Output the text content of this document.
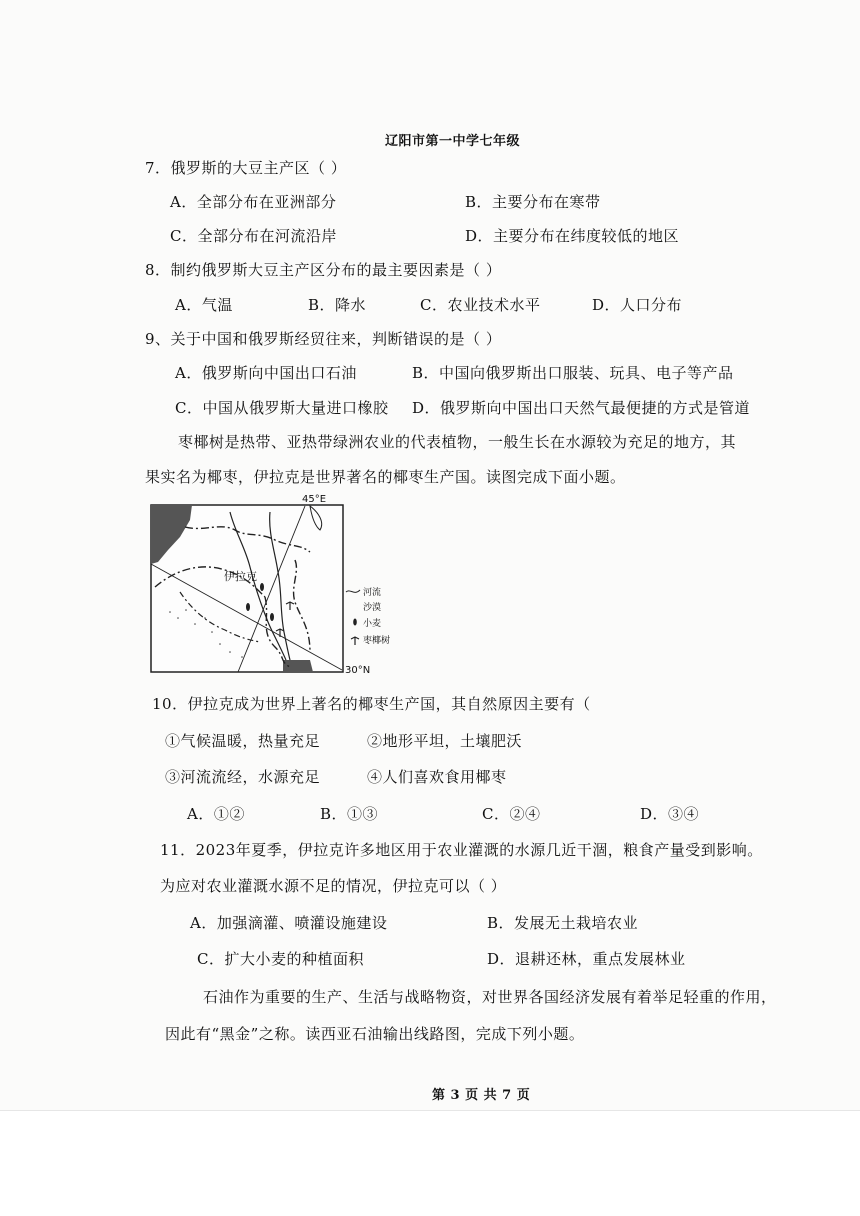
辽阳市第一中学七年级
7．俄罗斯的大豆主产区（ ）
A．全部分布在亚洲部分	B．主要分布在寒带
C．全部分布在河流沿岸	D．主要分布在纬度较低的地区
8．制约俄罗斯大豆主产区分布的最主要因素是（ ）
A．气温	B．降水	C．农业技术水平	D．人口分布
9、关于中国和俄罗斯经贸往来，判断错误的是（ ）
A．俄罗斯向中国出口石油	B．中国向俄罗斯出口服装、玩具、电子等产品
C．中国从俄罗斯大量进口橡胶 D．俄罗斯向中国出口天然气最便捷的方式是管道
枣椰树是热带、亚热带绿洲农业的代表植物，一般生长在水源较为充足的地方，其
果实名为椰枣，伊拉克是世界著名的椰枣生产国。读图完成下面小题。
45°E
伊拉克
30°N
河流
沙漠
小麦
枣椰树
10．伊拉克成为世界上著名的椰枣生产国，其自然原因主要有（
①气候温暖，热量充足	②地形平坦，土壤肥沃
③河流流经，水源充足	④人们喜欢食用椰枣
A．①②	B．①③	C．②④	D．③④
11．2023年夏季，伊拉克许多地区用于农业灌溉的水源几近干涸，粮食产量受到影响。
为应对农业灌溉水源不足的情况，伊拉克可以（ ）
A．加强滴灌、喷灌设施建设	B．发展无土栽培农业
C．扩大小麦的种植面积	D．退耕还林，重点发展林业
石油作为重要的生产、生活与战略物资，对世界各国经济发展有着举足轻重的作用，
因此有“黑金”之称。读西亚石油输出线路图，完成下列小题。
第 3 页 共 7 页
